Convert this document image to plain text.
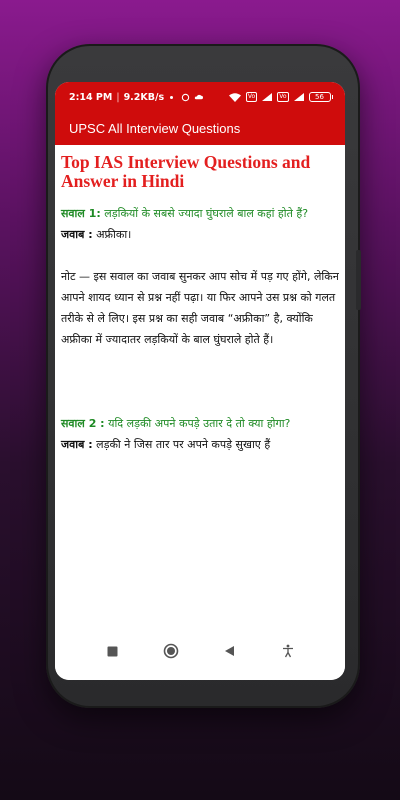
2:14 PM | 9.2KB/s	Vo	Vo	56
UPSC All Interview Questions
Top IAS Interview Questions and Answer in Hindi

सवाल 1: लड़कियों के सबसे ज्यादा घुंघराले बाल कहां होते हैं?

जवाब : अफ्रीका।

नोट — इस सवाल का जवाब सुनकर आप सोच में पड़ गए होंगे, लेकिन आपने शायद ध्यान से प्रश्न नहीं पढ़ा। या फिर आपने उस प्रश्न को गलत तरीके से ले लिए। इस प्रश्न का सही जवाब “अफ्रीका” है, क्योंकि अफ्रीका में ज्यादातर लड़कियों के बाल घुंघराले होते हैं।

सवाल 2 : यदि लड़की अपने कपड़े उतार दे तो क्या होगा?

जवाब : लड़की ने जिस तार पर अपने कपड़े सुखाए हैं
